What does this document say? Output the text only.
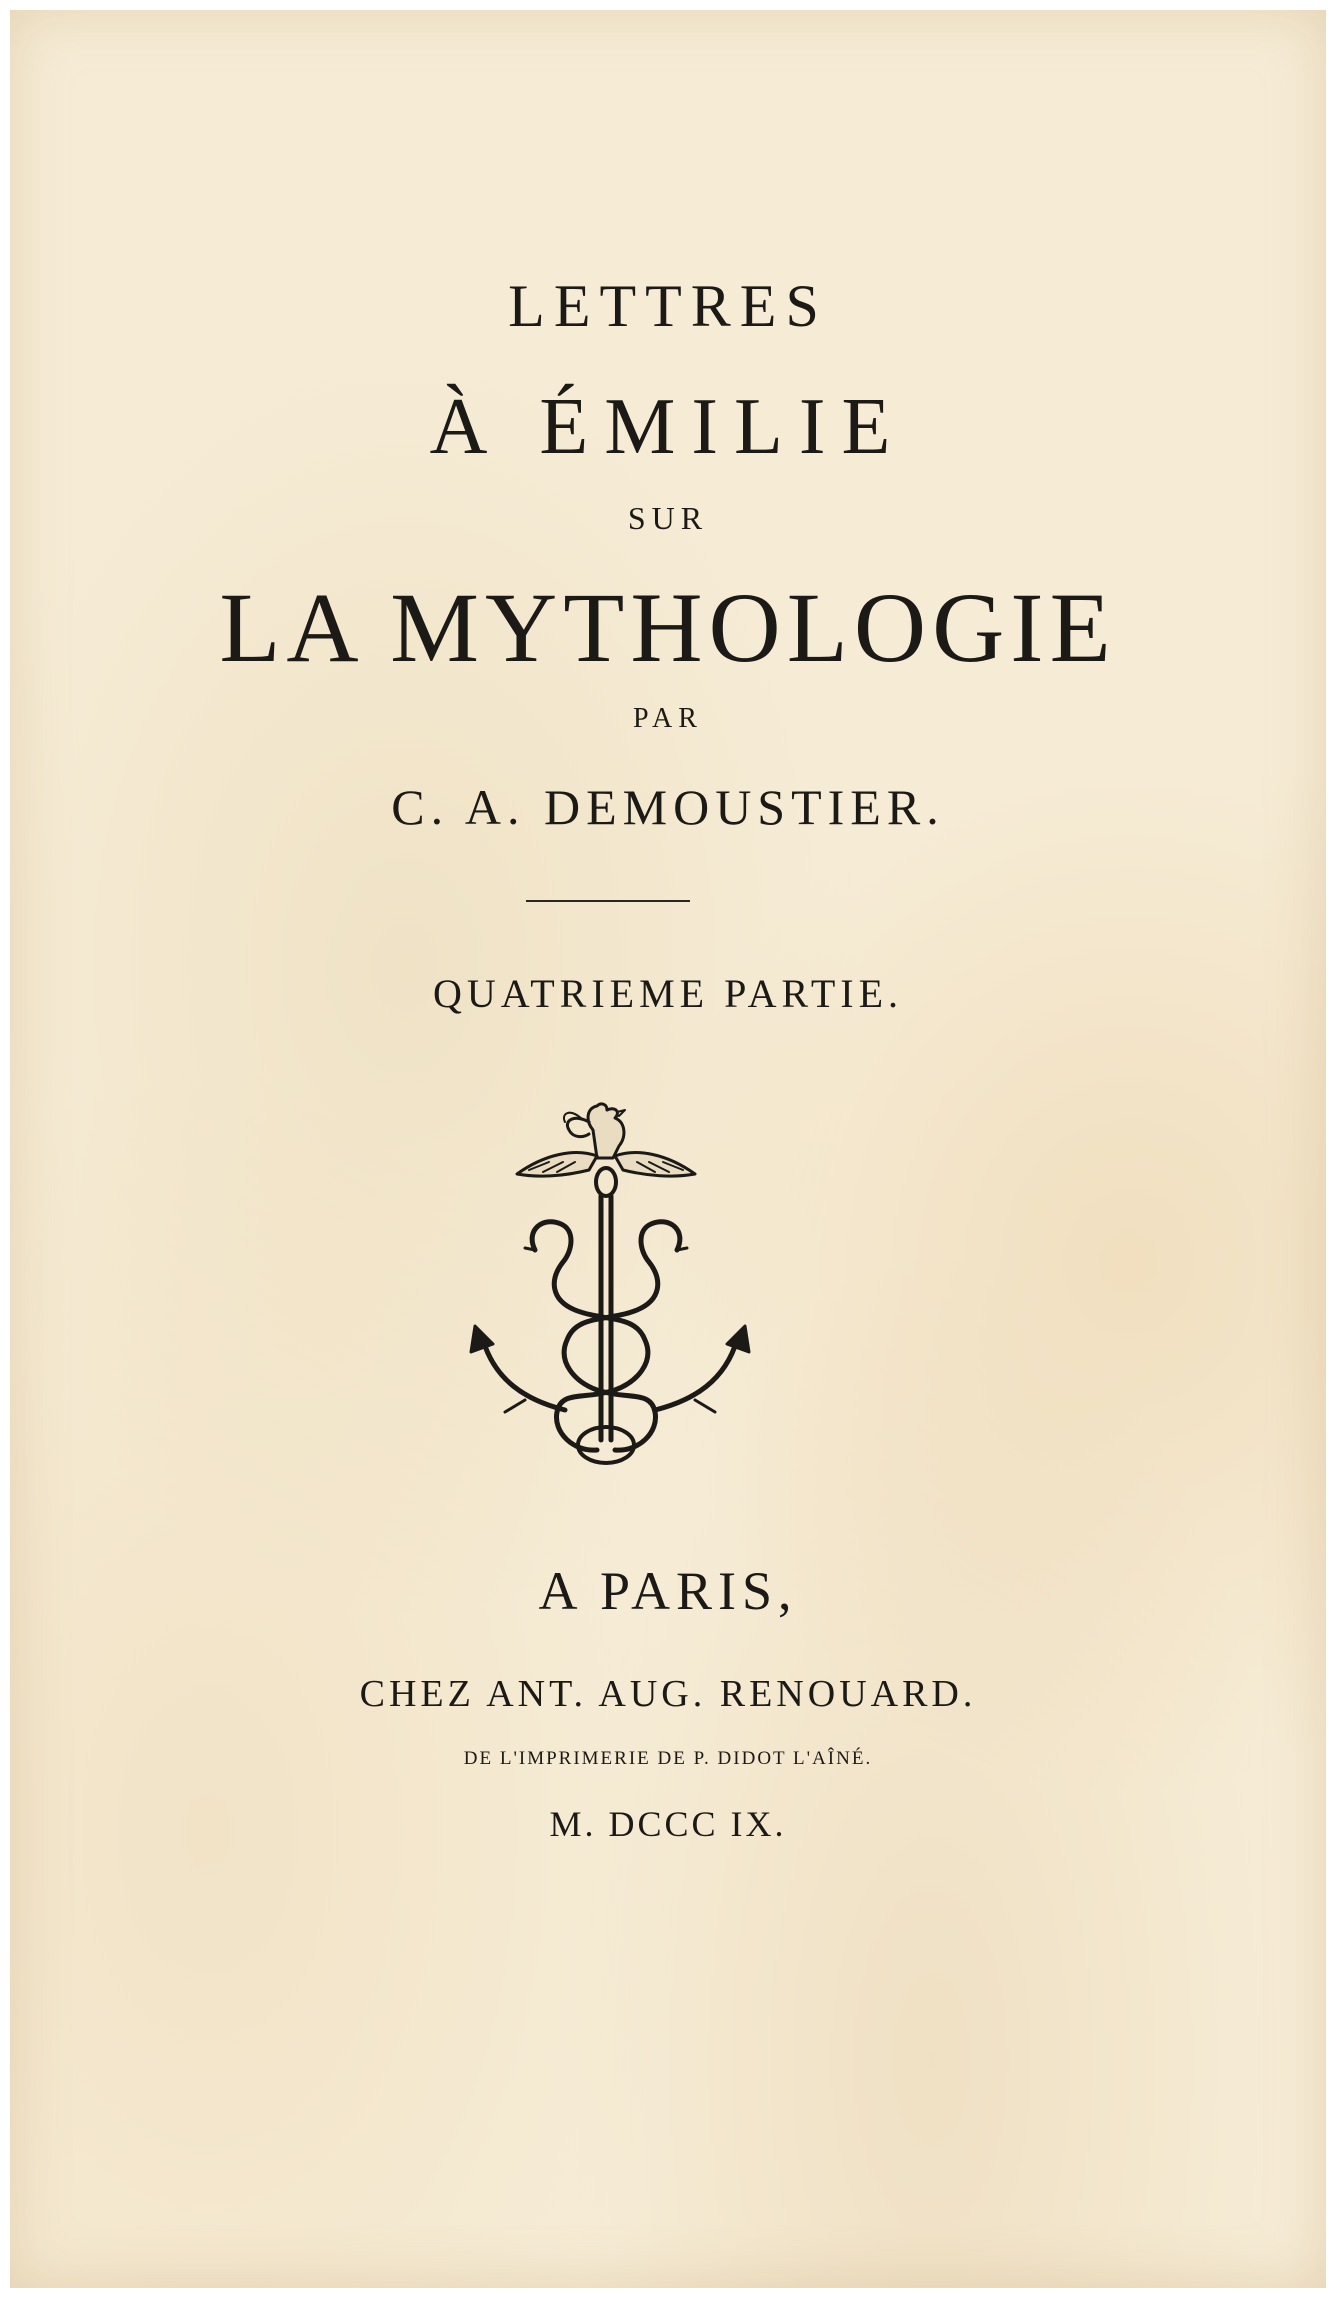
LETTRES
À ÉMILIE
SUR
LA MYTHOLOGIE
PAR
C. A. DEMOUSTIER.
QUATRIEME PARTIE.
A PARIS,
CHEZ ANT. AUG. RENOUARD.
DE L'IMPRIMERIE DE P. DIDOT L'AÎNÉ.
M. DCCC IX.
